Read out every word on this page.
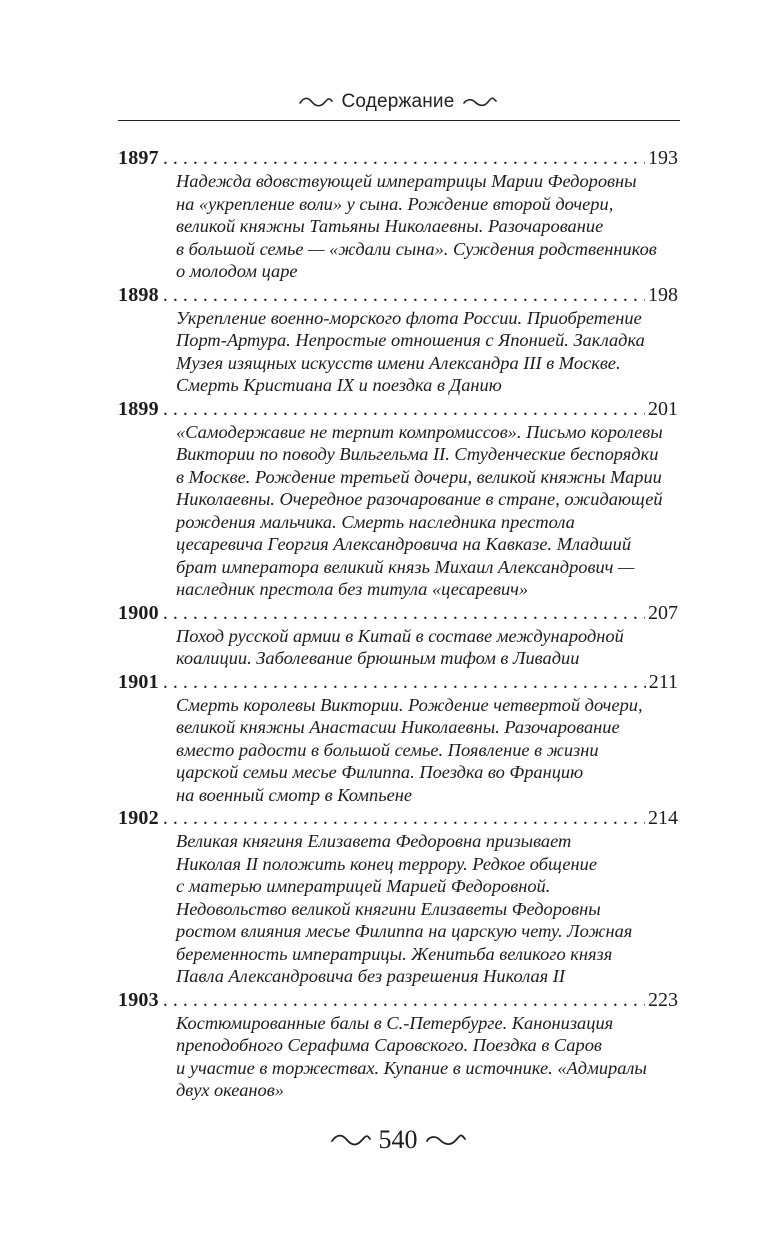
Содержание
1897 . . .	193
Надежда вдовствующей императрицы Марии Федоровны
на «укрепление воли» у сына. Рождение второй дочери,
великой княжны Татьяны Николаевны. Разочарование
в большой семье — «ждали сына». Суждения родственников
о молодом царе
1898 . . .	198
Укрепление военно-морского флота России. Приобретение
Порт-Артура. Непростые отношения с Японией. Закладка
Музея изящных искусств имени Александра III в Москве.
Смерть Кристиана IX и поездка в Данию
1899 . . .	201
«Самодержавие не терпит компромиссов». Письмо королевы
Виктории по поводу Вильгельма II. Студенческие беспорядки
в Москве. Рождение третьей дочери, великой княжны Марии
Николаевны. Очередное разочарование в стране, ожидающей
рождения мальчика. Смерть наследника престола
цесаревича Георгия Александровича на Кавказе. Младший
брат императора великий князь Михаил Александрович —
наследник престола без титула «цесаревич»
1900 . . .	207
Поход русской армии в Китай в составе международной
коалиции. Заболевание брюшным тифом в Ливадии
1901 . . .	211
Смерть королевы Виктории. Рождение четвертой дочери,
великой княжны Анастасии Николаевны. Разочарование
вместо радости в большой семье. Появление в жизни
царской семьи месье Филиппа. Поездка во Францию
на военный смотр в Компьене
1902 . . .	214
Великая княгиня Елизавета Федоровна призывает
Николая II положить конец террору. Редкое общение
с матерью императрицей Марией Федоровной.
Недовольство великой княгини Елизаветы Федоровны
ростом влияния месье Филиппа на царскую чету. Ложная
беременность императрицы. Женитьба великого князя
Павла Александровича без разрешения Николая II
1903 . . .	223
Костюмированные балы в С.-Петербурге. Канонизация
преподобного Серафима Саровского. Поездка в Саров
и участие в торжествах. Купание в источнике. «Адмиралы
двух океанов»
540
